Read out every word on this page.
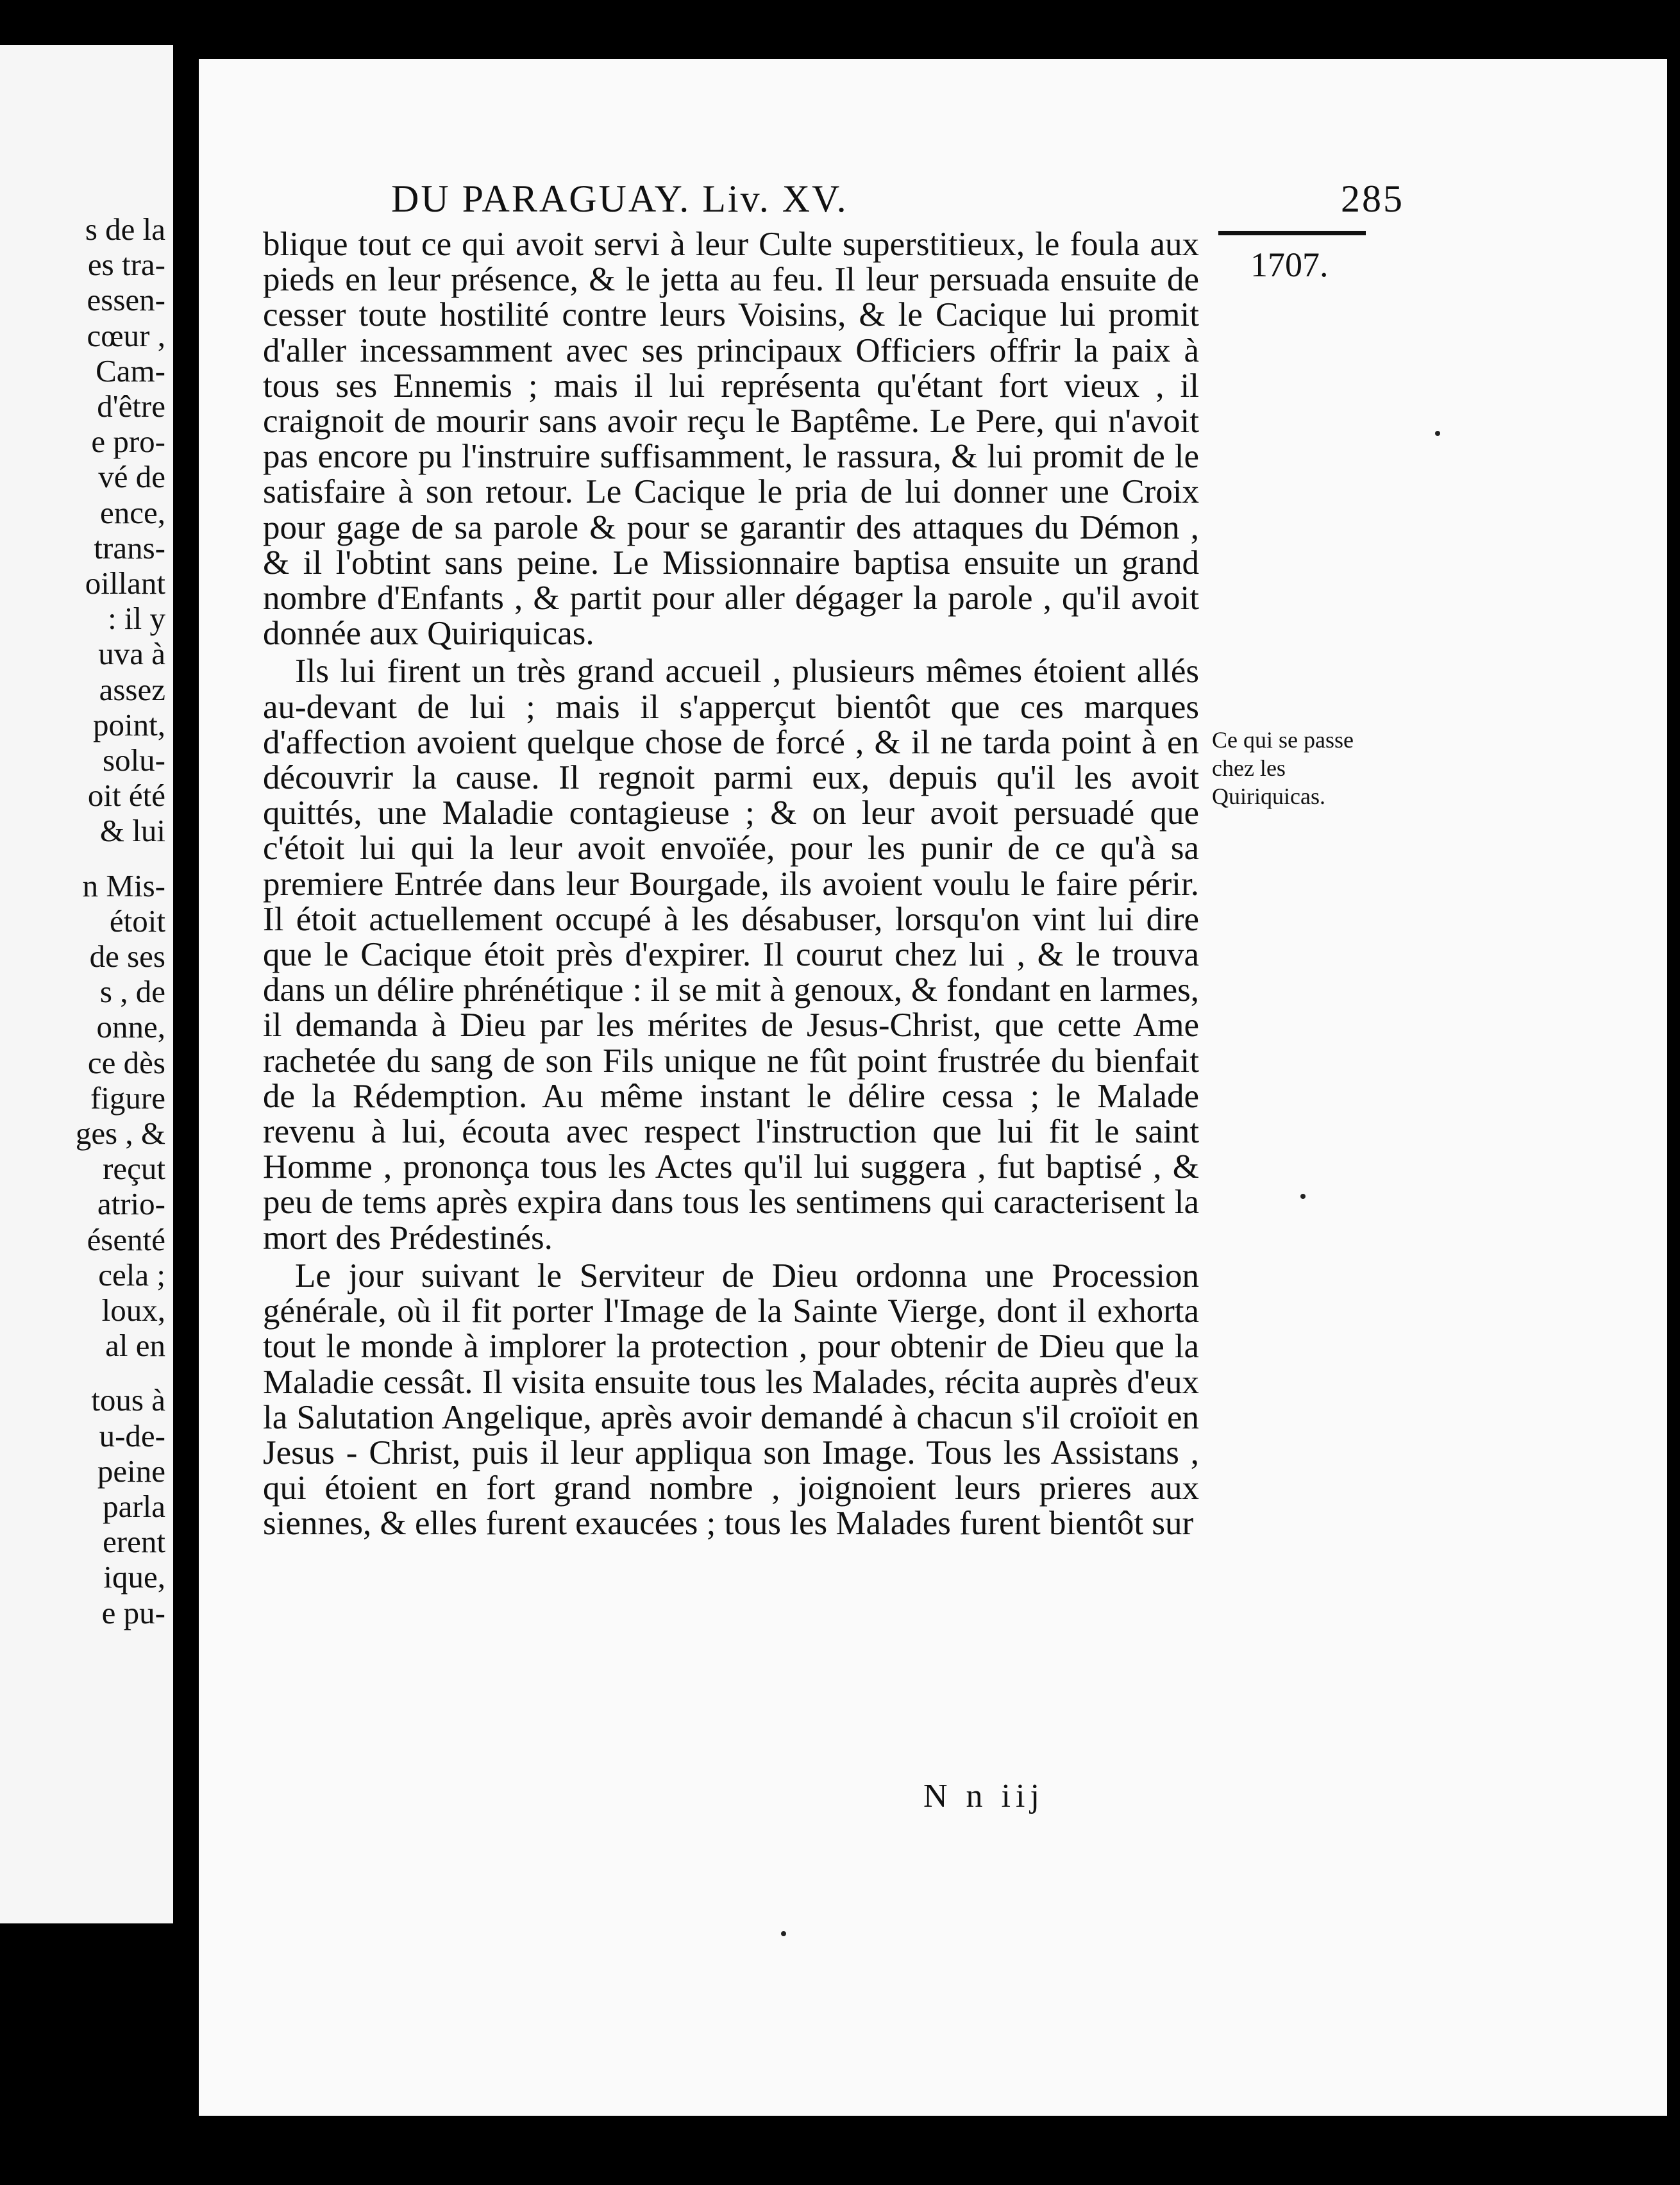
s de la
es tra-
essen-
cœur ,
Cam-
d'être
e pro-
vé de
ence,
trans-
oillant
: il y
uva à
assez
point,
solu-
oit été
& lui
n Mis-
étoit
de ses
s , de
onne,
ce dès
figure
ges , &
reçut
atrio-
ésenté
cela ;
loux,
al en
tous à
u-de-
peine
parla
erent
ique,
e pu-
DU PARAGUAY. Liv. XV.	285
1707.
Ce qui se passe chez les Quiriquicas.

blique tout ce qui avoit servi à leur Culte superstitieux, le foula aux pieds en leur présence, & le jetta au feu. Il leur persuada ensuite de cesser toute hostilité contre leurs Voisins, & le Cacique lui promit d'aller incessamment avec ses principaux Officiers offrir la paix à tous ses Ennemis ; mais il lui représenta qu'étant fort vieux , il craignoit de mourir sans avoir reçu le Baptême. Le Pere, qui n'avoit pas encore pu l'instruire suffisamment, le rassura, & lui promit de le satisfaire à son retour. Le Cacique le pria de lui donner une Croix pour gage de sa parole & pour se garantir des attaques du Démon , & il l'obtint sans peine. Le Missionnaire baptisa ensuite un grand nombre d'Enfants , & partit pour aller dégager la parole , qu'il avoit donnée aux Quiriquicas.

Ils lui firent un très grand accueil , plusieurs mêmes étoient allés au-devant de lui ; mais il s'apperçut bientôt que ces marques d'affection avoient quelque chose de forcé , & il ne tarda point à en découvrir la cause. Il regnoit parmi eux, depuis qu'il les avoit quittés, une Maladie contagieuse ; & on leur avoit persuadé que c'étoit lui qui la leur avoit envoïée, pour les punir de ce qu'à sa premiere Entrée dans leur Bourgade, ils avoient voulu le faire périr. Il étoit actuellement occupé à les désabuser, lorsqu'on vint lui dire que le Cacique étoit près d'expirer. Il courut chez lui , & le trouva dans un délire phrénétique : il se mit à genoux, & fondant en larmes, il demanda à Dieu par les mérites de Jesus-Christ, que cette Ame rachetée du sang de son Fils unique ne fût point frustrée du bienfait de la Rédemption. Au même instant le délire cessa ; le Malade revenu à lui, écouta avec respect l'instruction que lui fit le saint Homme , prononça tous les Actes qu'il lui suggera , fut baptisé , & peu de tems après expira dans tous les sentimens qui caracterisent la mort des Prédestinés.

Le jour suivant le Serviteur de Dieu ordonna une Procession générale, où il fit porter l'Image de la Sainte Vierge, dont il exhorta tout le monde à implorer la protection , pour obtenir de Dieu que la Maladie cessât. Il visita ensuite tous les Malades, récita auprès d'eux la Salutation Angelique, après avoir demandé à chacun s'il croïoit en Jesus - Christ, puis il leur appliqua son Image. Tous les Assistans , qui étoient en fort grand nombre , joignoient leurs prieres aux siennes, & elles furent exaucées ; tous les Malades furent bientôt sur

N n iij
